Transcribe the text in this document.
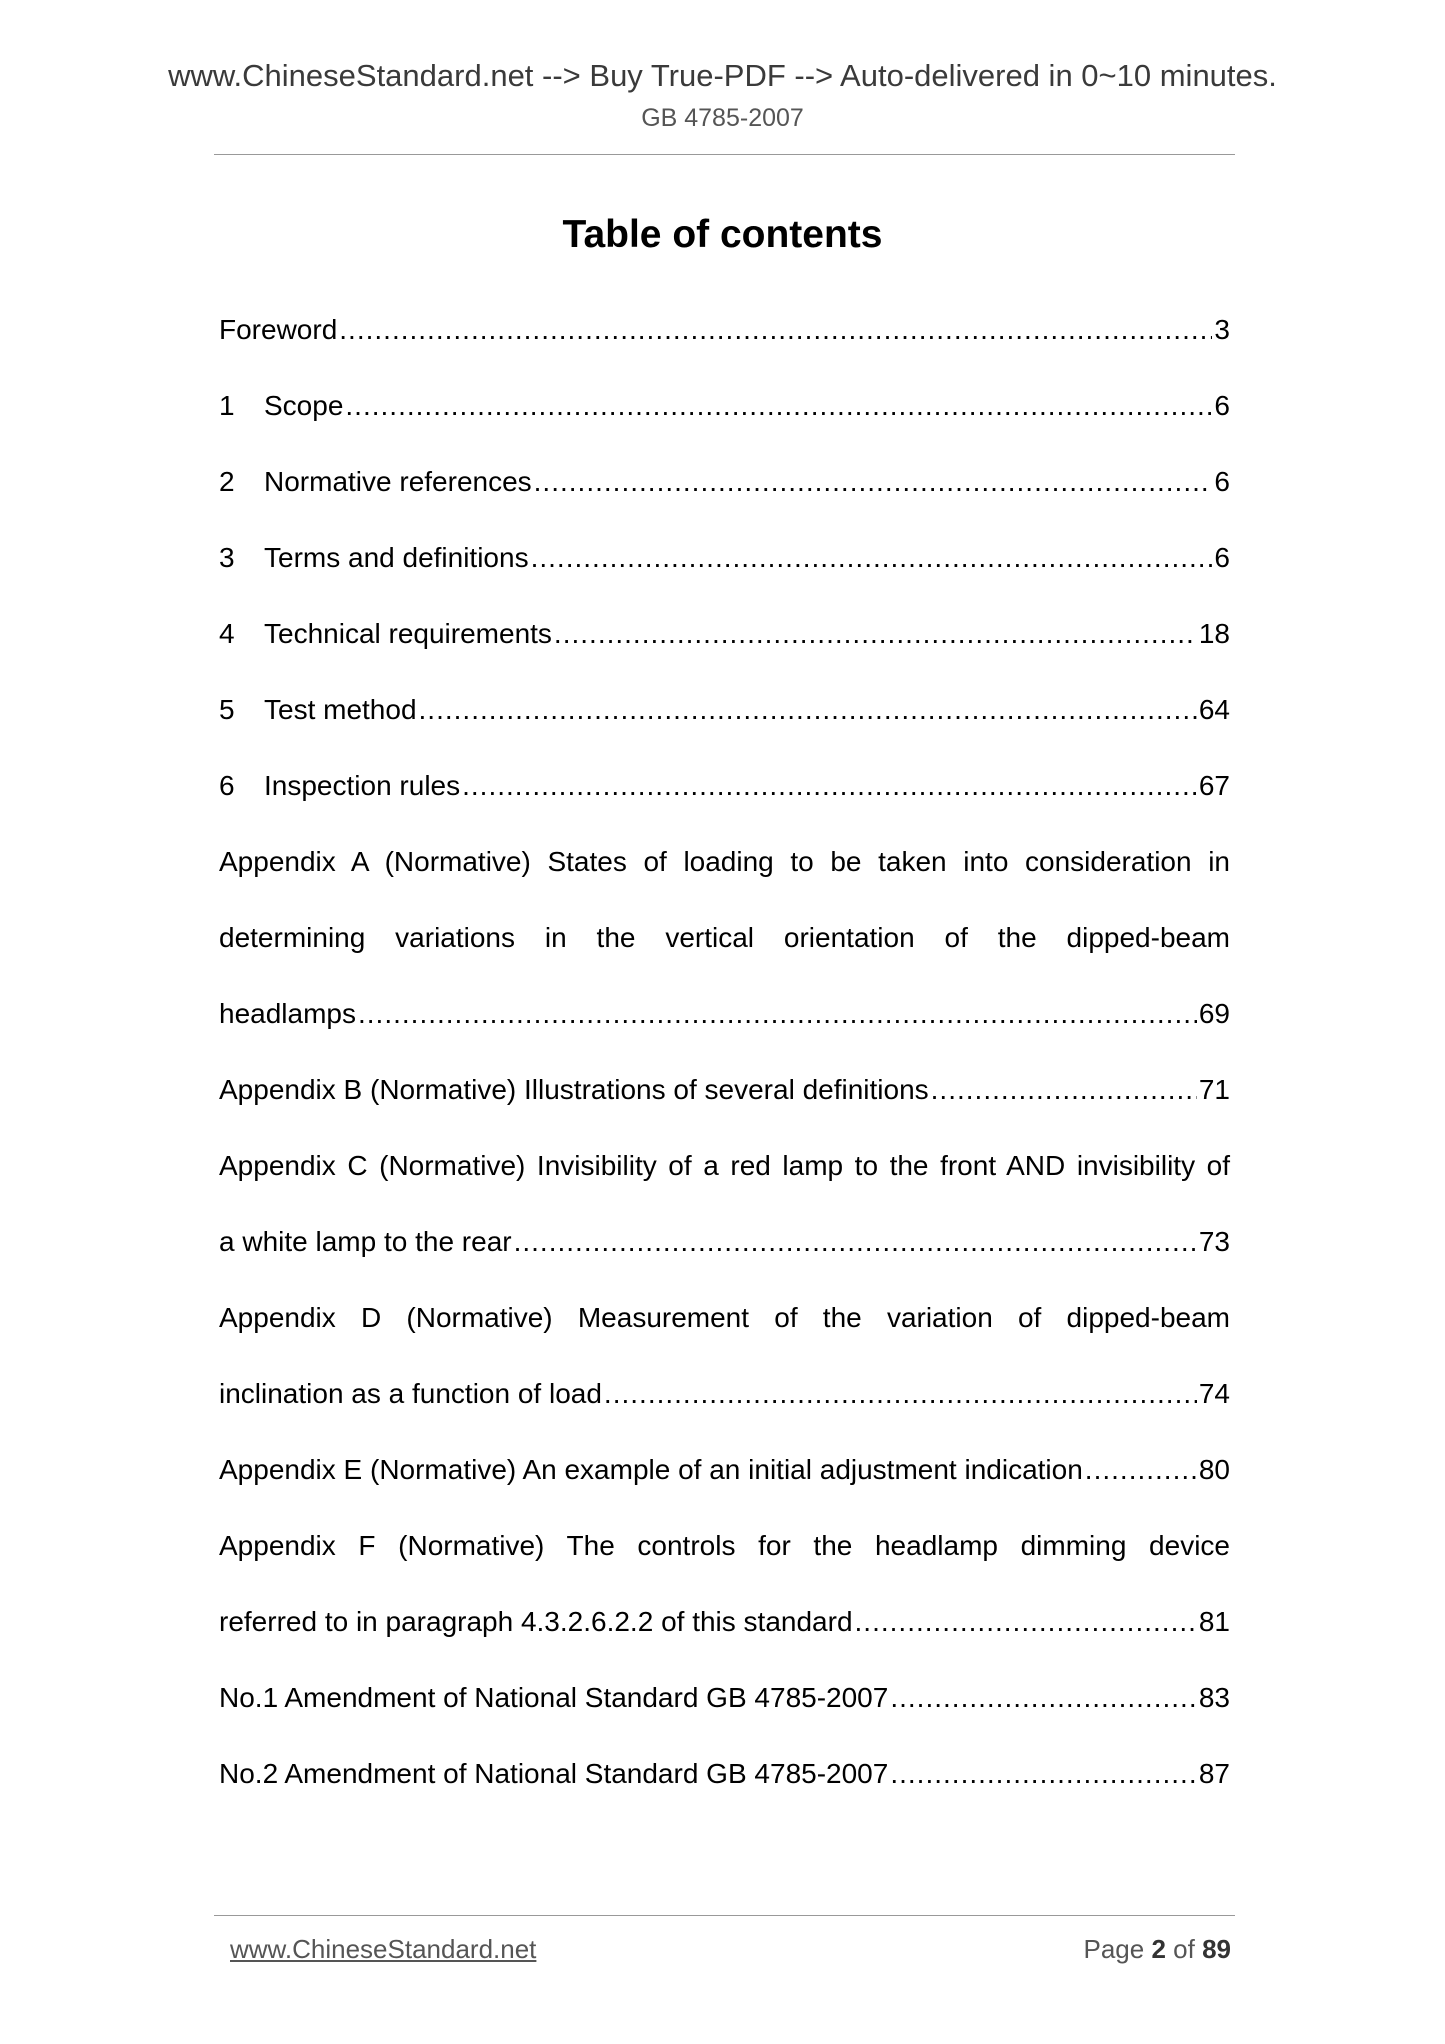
www.ChineseStandard.net --> Buy True-PDF --> Auto-delivered in 0~10 minutes.
GB 4785-2007
Table of contents
Foreword .....	3
1	Scope .....	6
2	Normative references .....	6
3	Terms and definitions .....	6
4	Technical requirements .....	18
5	Test method .....	64
6	Inspection rules .....	67
Appendix A (Normative) States of loading to be taken into consideration in
determining variations in the vertical orientation of the dipped-beam
headlamps .....	69
Appendix B (Normative) Illustrations of several definitions .....	71
Appendix C (Normative) Invisibility of a red lamp to the front AND invisibility of
a white lamp to the rear .....	73
Appendix D (Normative) Measurement of the variation of dipped-beam
inclination as a function of load .....	74
Appendix E (Normative) An example of an initial adjustment indication .....	80
Appendix F (Normative) The controls for the headlamp dimming device
referred to in paragraph 4.3.2.6.2.2 of this standard .....	81
No.1 Amendment of National Standard GB 4785-2007 .....	83
No.2 Amendment of National Standard GB 4785-2007 .....	87
www.ChineseStandard.net	Page 2 of 89
